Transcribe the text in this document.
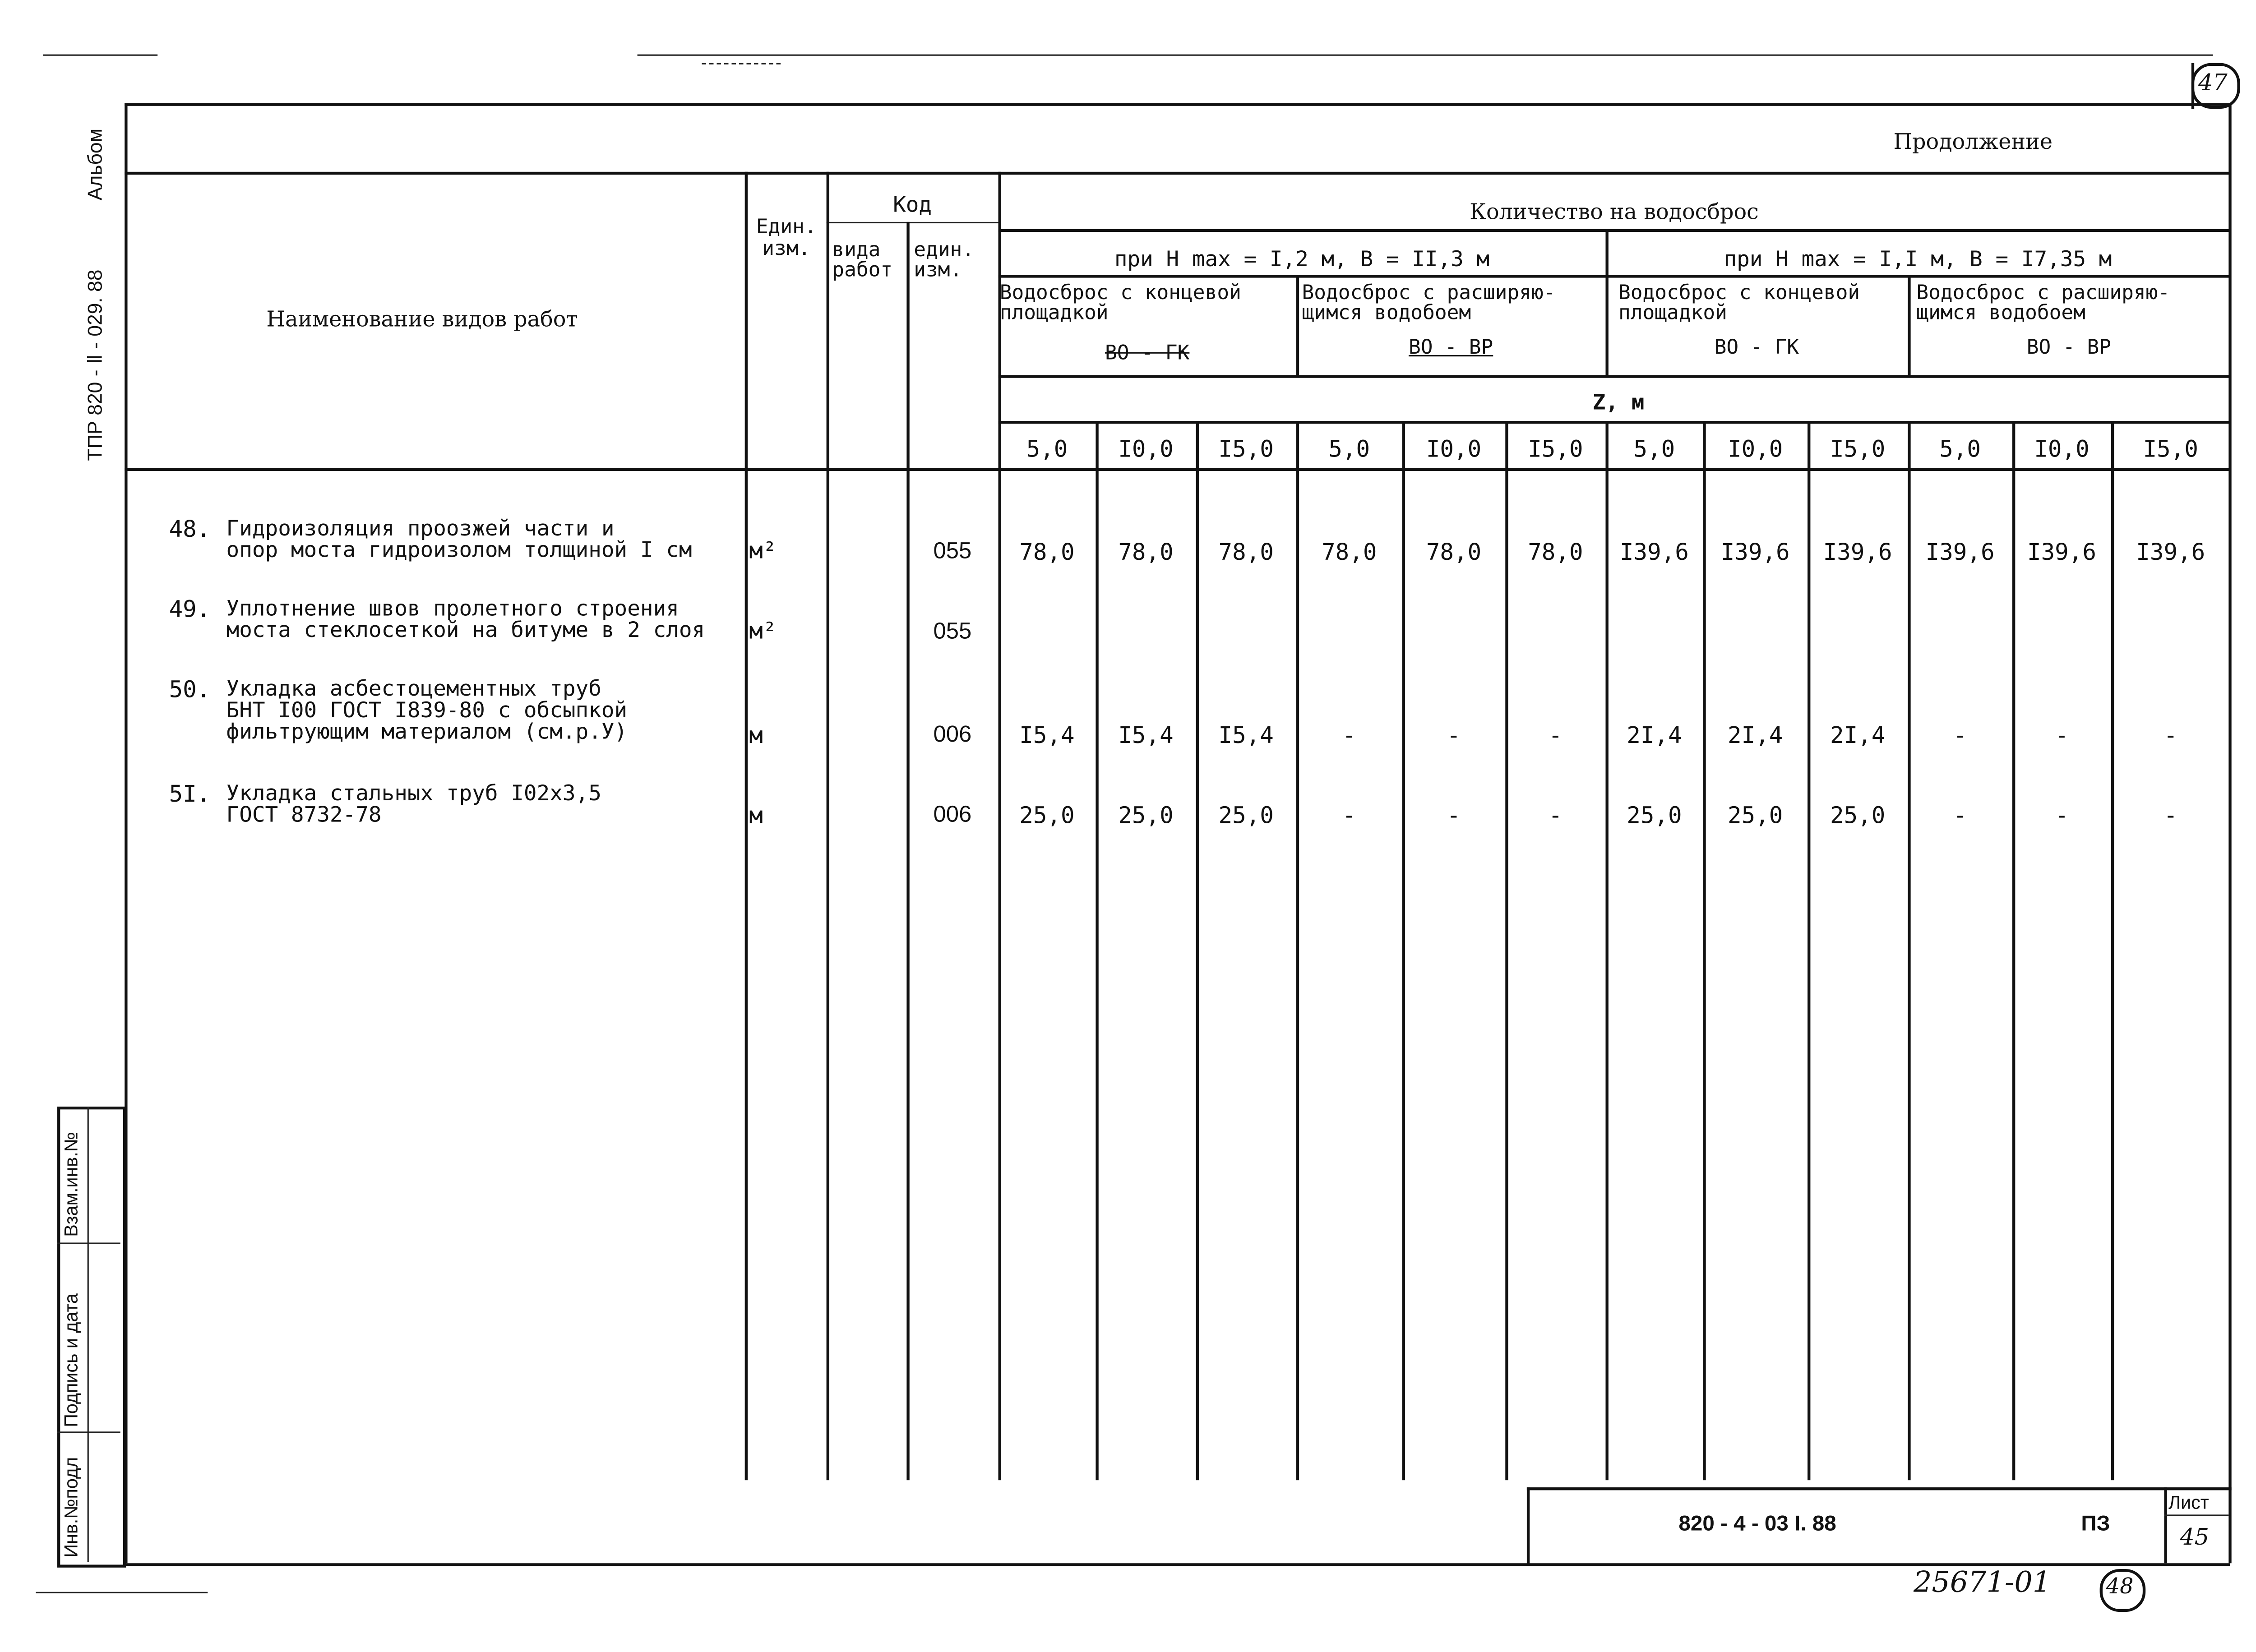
47
Альбом
ТПР 820 - Ⅱ - 029. 88
Инв.№подл
Подпись и дата
Взам.инв.№
Продолжение
Наименование видов работ
Един. изм.
Код
вида работ
един. изм.
Количество на водосброс
при H max = I,2 м, B = II,3 м	при H max = I,I м, B = I7,35 м
Водосброс с концевой площадкой
ВО - ГК
Водосброс с расширяю- щимся водобоем
ВО - ВР
Водосброс с концевой площадкой
ВО - ГК
Водосброс с расширяю- щимся водобоем
ВО - ВР
Z, м
5,0	I0,0	I5,0	5,0	I0,0	I5,0	5,0	I0,0	I5,0	5,0	I0,0	I5,0
48. Гидроизоляция проозжей части и
опор моста гидроизолом толщиной I см	м²	055	78,0	78,0	78,0	78,0	78,0	78,0	I39,6	I39,6	I39,6	I39,6	I39,6	I39,6
49. Уплотнение швов пролетного строения
моста стеклосеткой на битуме в 2 слоя	м²	055
50. Укладка асбестоцементных труб
БНТ I00 ГОСТ I839-80 с обсыпкой
фильтрующим материалом (см.р.У)	м	006	I5,4	I5,4	I5,4	-	-	-	2I,4	2I,4	2I,4	-	-	-
5I. Укладка стальных труб I02х3,5
ГОСТ 8732-78	м	006	25,0	25,0	25,0	-	-	-	25,0	25,0	25,0	-	-	-
820 - 4 - 03 I. 88	ПЗ
Лист
45
25671-01	48
